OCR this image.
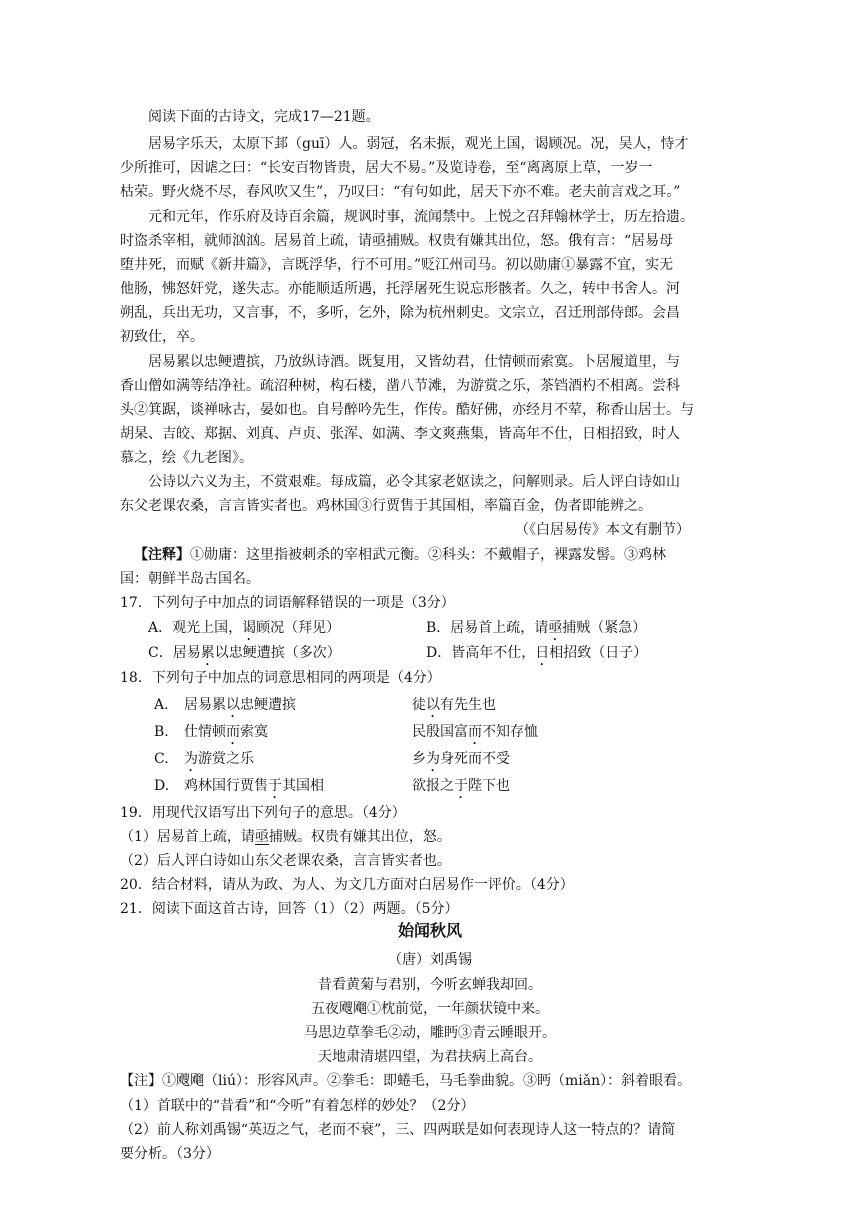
阅读下面的古诗文，完成17—21题。
居易字乐天，太原下邽（guī）人。弱冠，名未振，观光上国，谒顾况。况，吴人，恃才
少所推可，因谑之曰：“长安百物皆贵，居大不易。”及览诗卷，至“离离原上草，一岁一
枯荣。野火烧不尽，春风吹又生”，乃叹曰：“有句如此，居天下亦不难。老夫前言戏之耳。”
元和元年，作乐府及诗百余篇，规讽时事，流闻禁中。上悦之召拜翰林学士，历左拾遗。
时盗杀宰相，就师汹汹。居易首上疏，请亟捕贼。权贵有嫌其出位，怒。俄有言：“居易母
堕井死，而赋《新井篇》，言既浮华，行不可用。”贬江州司马。初以勋庸①暴露不宜，实无
他肠，怫怒奸党，遂失志。亦能顺适所遇，托浮屠死生说忘形骸者。久之，转中书舍人。河
朔乱，兵出无功，又言事，不，多听，乞外，除为杭州刺史。文宗立，召迁刑部侍郎。会昌
初致仕，卒。
居易累以忠鲠遭摈，乃放纵诗酒。既复用，又皆幼君，仕情顿而索寞。卜居履道里，与
香山僧如满等结净社。疏沼种树，构石楼，凿八节滩，为游赏之乐，茶铛酒杓不相离。尝科
头②箕踞，谈禅咏古，晏如也。自号醉吟先生，作传。酷好佛，亦经月不荤，称香山居士。与
胡杲、吉皎、郑据、刘真、卢贞、张浑、如满、李文爽燕集，皆高年不仕，日相招致，时人
慕之，绘《九老图》。
公诗以六义为主，不赏艰难。每成篇，必令其家老妪读之，问解则录。后人评白诗如山
东父老课农桑，言言皆实者也。鸡林国③行贾售于其国相，率篇百金，伪者即能辨之。
（《白居易传》本文有删节）
【注释】①勋庸：这里指被刺杀的宰相武元衡。②科头：不戴帽子，裸露发髻。③鸡林
国：朝鲜半岛古国名。
17．下列句子中加点的词语解释错误的一项是（3分）
A．观光上国，谒顾况（拜见）	B．居易首上疏，请亟捕贼（紧急）
C．居易累以忠鲠遭摈（多次）	D．皆高年不仕，日相招致（日子）
18．下列句子中加点的词意思相同的两项是（4分）
A. 居易累以忠鲠遭摈	徒以有先生也
B. 仕情顿而索寞	民殷国富而不知存恤
C. 为游赏之乐	乡为身死而不受
D. 鸡林国行贾售于其国相	欲报之于陛下也
19．用现代汉语写出下列句子的意思。（4分）
（1）居易首上疏，请亟捕贼。权贵有嫌其出位，怒。
（2）后人评白诗如山东父老课农桑，言言皆实者也。
20．结合材料，请从为政、为人、为文几方面对白居易作一评价。（4分）
21．阅读下面这首古诗，回答（1）（2）两题。（5分）
始闻秋风
（唐）刘禹锡
昔看黄菊与君别，今听玄蝉我却回。
五夜飕飗①枕前觉，一年颜状镜中来。
马思边草拳毛②动，雕眄③青云睡眼开。
天地肃清堪四望，为君扶病上高台。
【注】①飕飗（liú）：形容风声。②拳毛：即蜷毛，马毛拳曲貌。③眄（miǎn）：斜着眼看。
（1）首联中的“昔看”和“今听”有着怎样的妙处？（2分）
（2）前人称刘禹锡“英迈之气，老而不衰”，三、四两联是如何表现诗人这一特点的？请简
要分析。（3分）
